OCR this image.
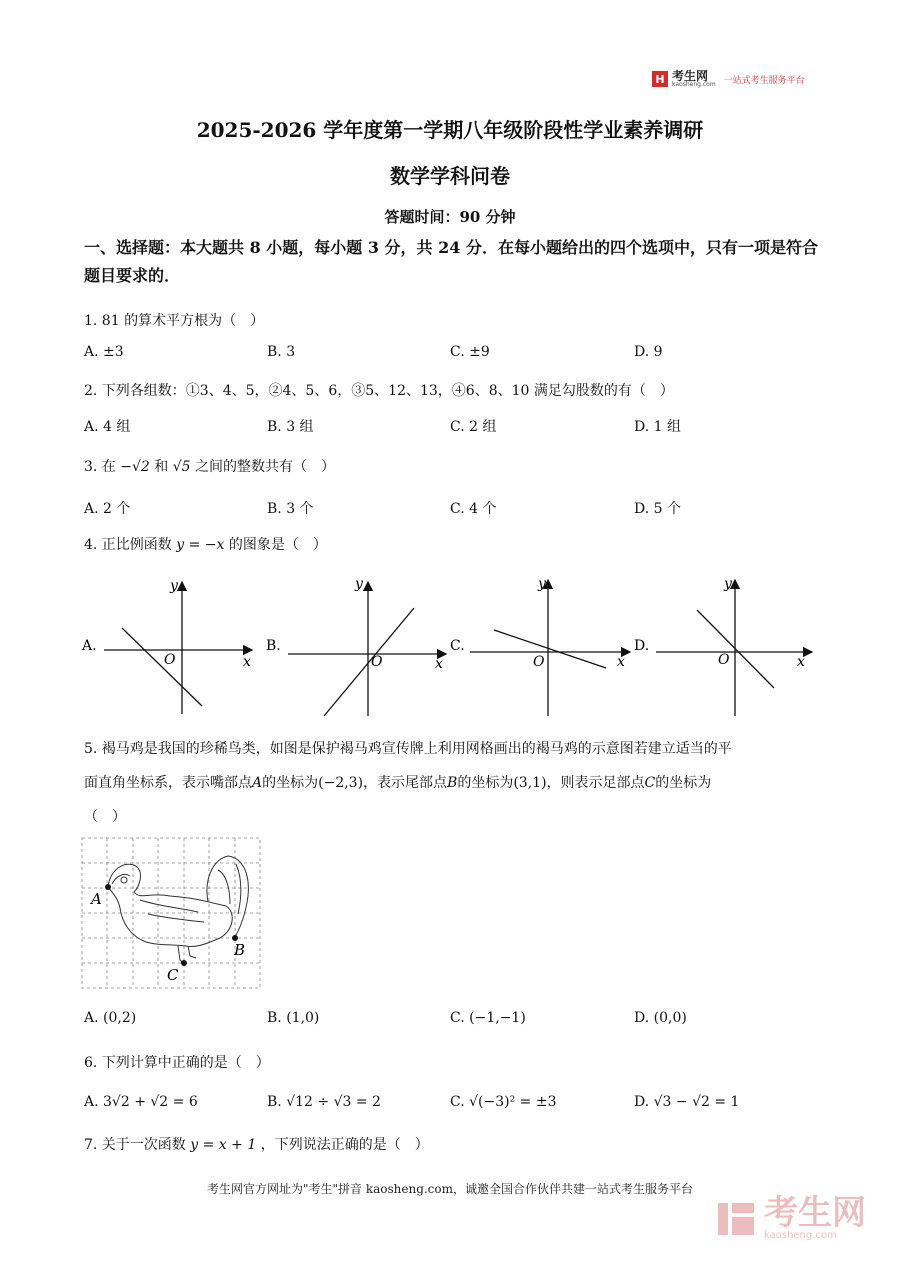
H 考生网
kaosheng.com 一站式考生服务平台
2025-2026 学年度第一学期八年级阶段性学业素养调研
数学学科问卷
答题时间：90 分钟
一、选择题：本大题共 8 小题，每小题 3 分，共 24 分．在每小题给出的四个选项中，只有一项是符合题目要求的．
1. 81 的算术平方根为（　）
A. ±3	B. 3	C. ±9	D. 9
2. 下列各组数：①3、4、5，②4、5、6，③5、12、13，④6、8、10 满足勾股数的有（　）
A. 4 组	B. 3 组	C. 2 组	D. 1 组
3. 在 −√2 和 √5 之间的整数共有（　）
A. 2 个	B. 3 个	C. 4 个	D. 5 个
4. 正比例函数 y = −x 的图象是（　）
A.
x
y
O
B.
x
y
O
C.
x
y
O
D.
x
y
O
A
B
C
5. 褐马鸡是我国的珍稀鸟类，如图是保护褐马鸡宣传牌上利用网格画出的褐马鸡的示意图若建立适当的平
面直角坐标系，表示嘴部点A的坐标为(−2,3)，表示尾部点B的坐标为(3,1)，则表示足部点C的坐标为
（　）
A. (0,2)	B. (1,0)	C. (−1,−1)	D. (0,0)
6. 下列计算中正确的是（　）
A. 3√2 + √2 = 6	B. √12 ÷ √3 = 2	C. √(−3)² = ±3	D. √3 − √2 = 1
7. 关于一次函数 y = x + 1 ，下列说法正确的是（　）
考生网官方网址为"考生"拼音 kaosheng.com，诚邀全国合作伙伴共建一站式考生服务平台
考生网
kaosheng.com
